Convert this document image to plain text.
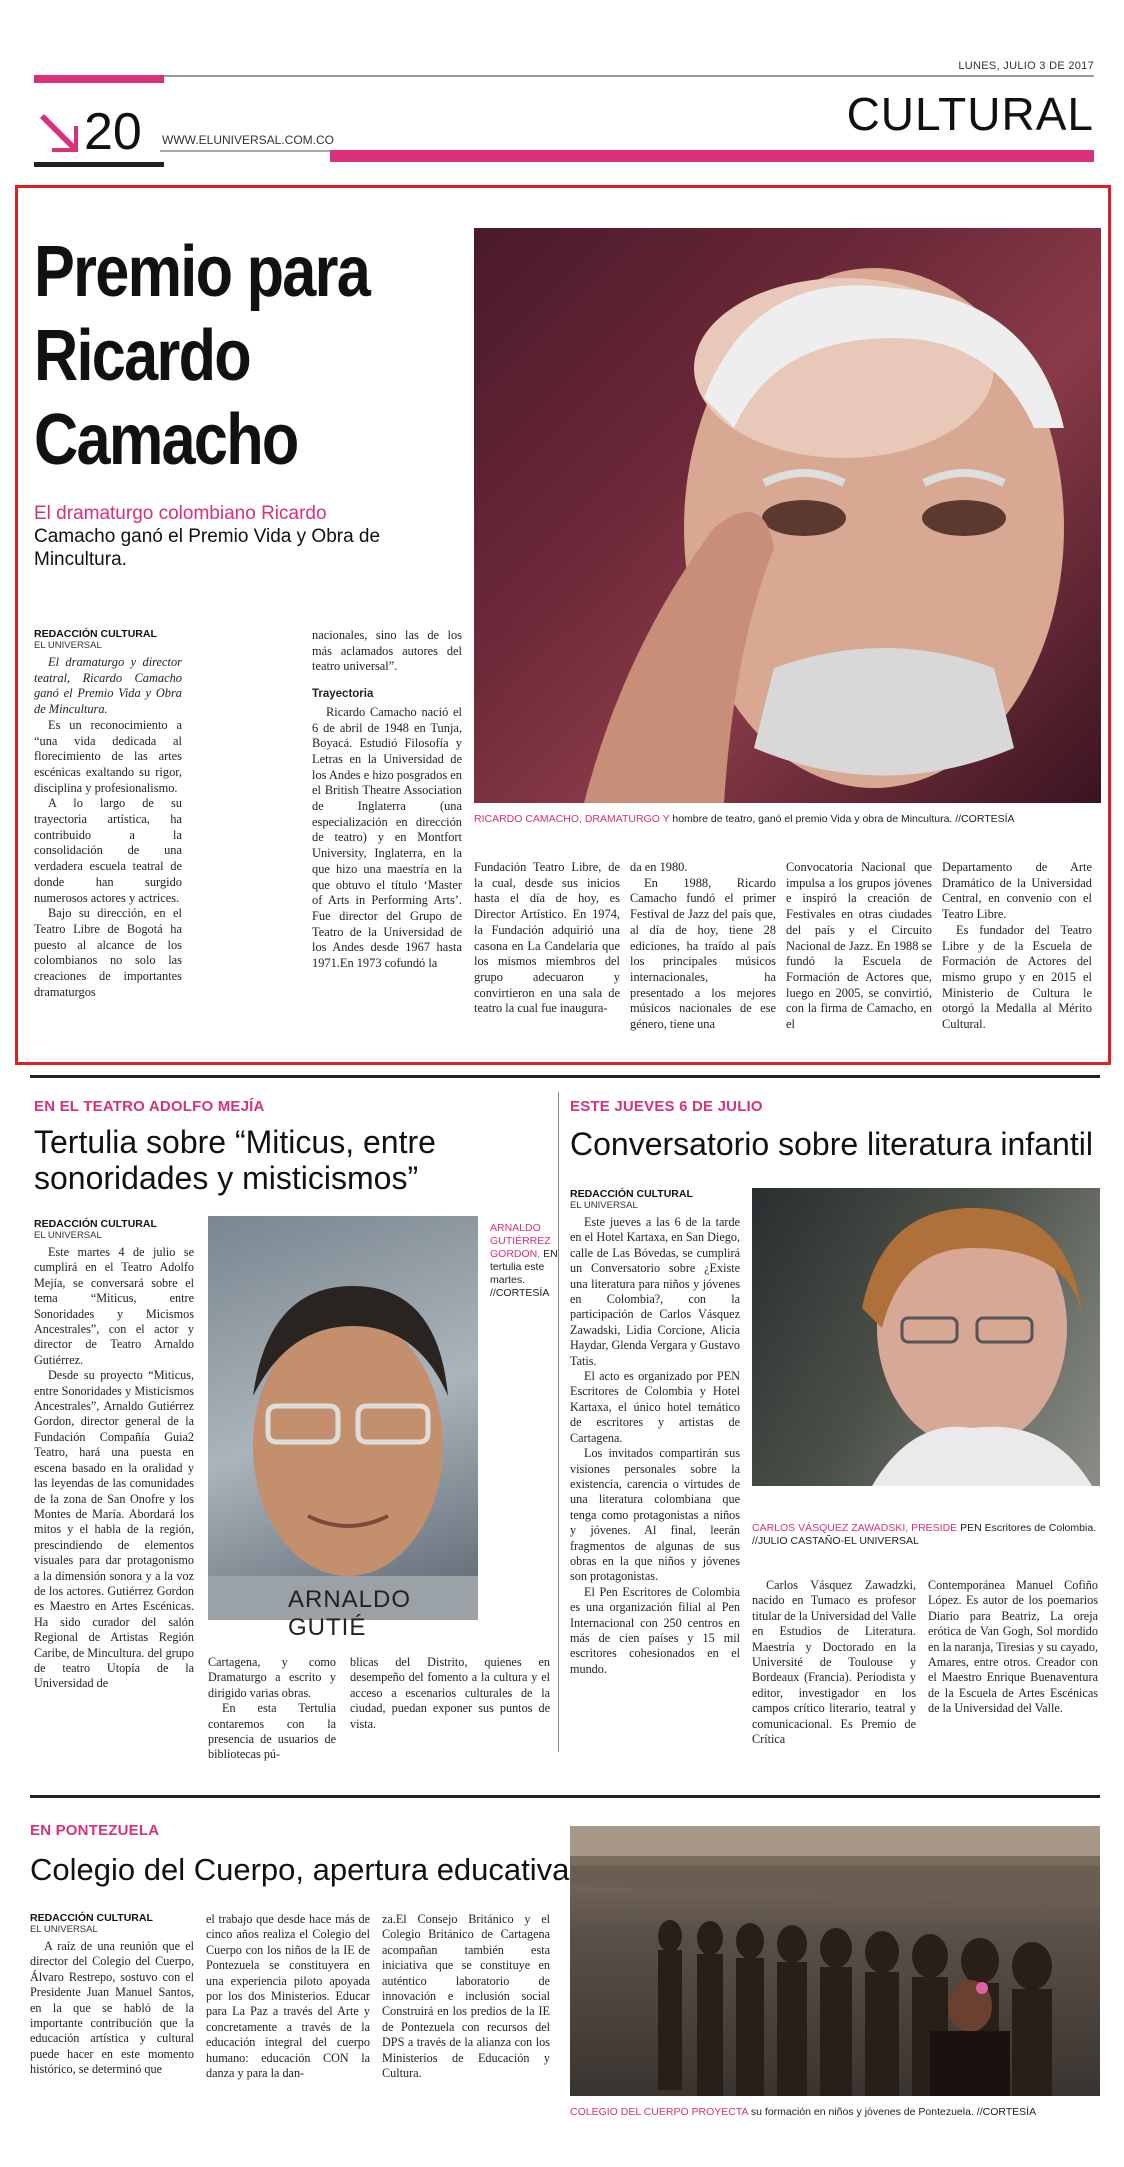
LUNES, JULIO 3 DE 2017
CULTURAL
20 WWW.ELUNIVERSAL.COM.CO
Premio para
Ricardo
Camacho
El dramaturgo colombiano Ricardo
Camacho ganó el Premio Vida y Obra de Mincultura.
RICARDO CAMACHO, DRAMATURGO Y hombre de teatro, ganó el premio Vida y obra de Mincultura. //CORTESÍA
REDACCIÓN CULTURAL
EL UNIVERSAL

El dramaturgo y director teatral, Ricardo Camacho ganó el Premio Vida y Obra de Mincultura.

Es un reconocimiento a “una vida dedicada al florecimiento de las artes escénicas exaltando su rigor, disciplina y profesionalismo.

A lo largo de su trayectoria artística, ha contribuido a la consolidación de una verdadera escuela teatral de donde han surgido numerosos actores y actrices.

Bajo su dirección, en el Teatro Libre de Bogotá ha puesto al alcance de los colombianos no solo las creaciones de importantes dramaturgos

nacionales, sino las de los más aclamados autores del teatro universal”.

Trayectoria

Ricardo Camacho nació el 6 de abril de 1948 en Tunja, Boyacá. Estudió Filosofía y Letras en la Universidad de los Andes e hizo posgrados en el British Theatre Association de Inglaterra (una especialización en dirección de teatro) y en Montfort University, Inglaterra, en la que hizo una maestría en la que obtuvo el título ‘Master of Arts in Performing Arts’. Fue director del Grupo de Teatro de la Universidad de los Andes desde 1967 hasta 1971.En 1973 cofundó la

Fundación Teatro Libre, de la cual, desde sus inicios hasta el día de hoy, es Director Artístico. En 1974, la Fundación adquirió una casona en La Candelaria que los mismos miembros del grupo adecuaron y convirtieron en una sala de teatro la cual fue inaugura-

da en 1980.

En 1988, Ricardo Camacho fundó el primer Festival de Jazz del país que, al día de hoy, tiene 28 ediciones, ha traído al país los principales músicos internacionales, ha presentado a los mejores músicos nacionales de ese género, tiene una

Convocatoria Nacional que impulsa a los grupos jóvenes e inspiró la creación de Festivales en otras ciudades del país y el Circuito Nacional de Jazz. En 1988 se fundó la Escuela de Formación de Actores que, luego en 2005, se convirtió, con la firma de Camacho, en el

Departamento de Arte Dramático de la Universidad Central, en convenio con el Teatro Libre.

Es fundador del Teatro Libre y de la Escuela de Formación de Actores del mismo grupo y en 2015 el Ministerio de Cultura le otorgó la Medalla al Mérito Cultural.

EN EL TEATRO ADOLFO MEJÍA
Tertulia sobre “Miticus, entre
sonoridades y misticismos”
REDACCIÓN CULTURAL
EL UNIVERSAL

Este martes 4 de julio se cumplirá en el Teatro Adolfo Mejía, se conversará sobre el tema “Miticus, entre Sonoridades y Micismos Ancestrales”, con el actor y director de Teatro Arnaldo Gutiérrez.

Desde su proyecto “Miticus, entre Sonoridades y Misticismos Ancestrales”, Arnaldo Gutiérrez Gordon, director general de la Fundación Compañía Guia2 Teatro, hará una puesta en escena basado en la oralidad y las leyendas de las comunidades de la zona de San Onofre y los Montes de María. Abordará los mitos y el habla de la región, prescindiendo de elementos visuales para dar protagonismo a la dimensión sonora y a la voz de los actores. Gutiérrez Gordon es Maestro en Artes Escénicas. Ha sido curador del salón Regional de Artistas Región Caribe, de Mincultura. del grupo de teatro Utopía de la Universidad de

ARNALDO GUTIÉ
ARNALDO GUTIÉRREZ GORDON, EN tertulia este martes. //CORTESÍA

Cartagena, y como Dramaturgo a escrito y dirigido varias obras.

En esta Tertulia contaremos con la presencia de usuarios de bibliotecas pú-

blicas del Distrito, quienes en desempeño del fomento a la cultura y el acceso a escenarios culturales de la ciudad, puedan exponer sus puntos de vista.

ESTE JUEVES 6 DE JULIO
Conversatorio sobre literatura infantil
REDACCIÓN CULTURAL
EL UNIVERSAL

Este jueves a las 6 de la tarde en el Hotel Kartaxa, en San Diego, calle de Las Bóvedas, se cumplirá un Conversatorio sobre ¿Existe una literatura para niños y jóvenes en Colombia?, con la participación de Carlos Vásquez Zawadski, Lidia Corcione, Alicia Haydar, Glenda Vergara y Gustavo Tatis.

El acto es organizado por PEN Escritores de Colombia y Hotel Kartaxa, el único hotel temático de escritores y artistas de Cartagena.

Los invitados compartirán sus visiones personales sobre la existencia, carencia o virtudes de una literatura colombiana que tenga como protagonistas a niños y jóvenes. Al final, leerán fragmentos de algunas de sus obras en la que niños y jóvenes son protagonistas.

El Pen Escritores de Colombia es una organización filial al Pen Internacional con 250 centros en más de cien países y 15 mil escritores cohesionados en el mundo.

CARLOS VÁSQUEZ ZAWADSKI, PRESIDE PEN Escritores de Colombia. //JULIO CASTAÑO-EL UNIVERSAL

Carlos Vásquez Zawadzki, nacido en Tumaco es profesor titular de la Universidad del Valle en Estudios de Literatura. Maestría y Doctorado en la Université de Toulouse y Bordeaux (Francia). Periodista y editor, investigador en los campos crítico literario, teatral y comunicacional. Es Premio de Crítica

Contemporánea Manuel Cofiño López. Es autor de los poemarios Diario para Beatriz, La oreja erótica de Van Gogh, Sol mordido en la naranja, Tiresias y su cayado, Amares, entre otros. Creador con el Maestro Enrique Buenaventura de la Escuela de Artes Escénicas de la Universidad del Valle.

EN PONTEZUELA
Colegio del Cuerpo, apertura educativa
REDACCIÓN CULTURAL
EL UNIVERSAL

A raíz de una reunión que el director del Colegio del Cuerpo, Álvaro Restrepo, sostuvo con el Presidente Juan Manuel Santos, en la que se habló de la importante contribución que la educación artística y cultural puede hacer en este momento histórico, se determinó que

el trabajo que desde hace más de cinco años realiza el Colegio del Cuerpo con los niños de la IE de Pontezuela se constituyera en una experiencia piloto apoyada por los dos Ministerios. Educar para La Paz a través del Arte y concretamente a través de la educación integral del cuerpo humano: educación CON la danza y para la dan-

za.El Consejo Británico y el Colegio Británico de Cartagena acompañan también esta iniciativa que se constituye en auténtico laboratorio de innovación e inclusión social Construirá en los predios de la IE de Pontezuela con recursos del DPS a través de la alianza con los Ministerios de Educación y Cultura.

COLEGIO DEL CUERPO PROYECTA su formación en niños y jóvenes de Pontezuela. //CORTESÍA
